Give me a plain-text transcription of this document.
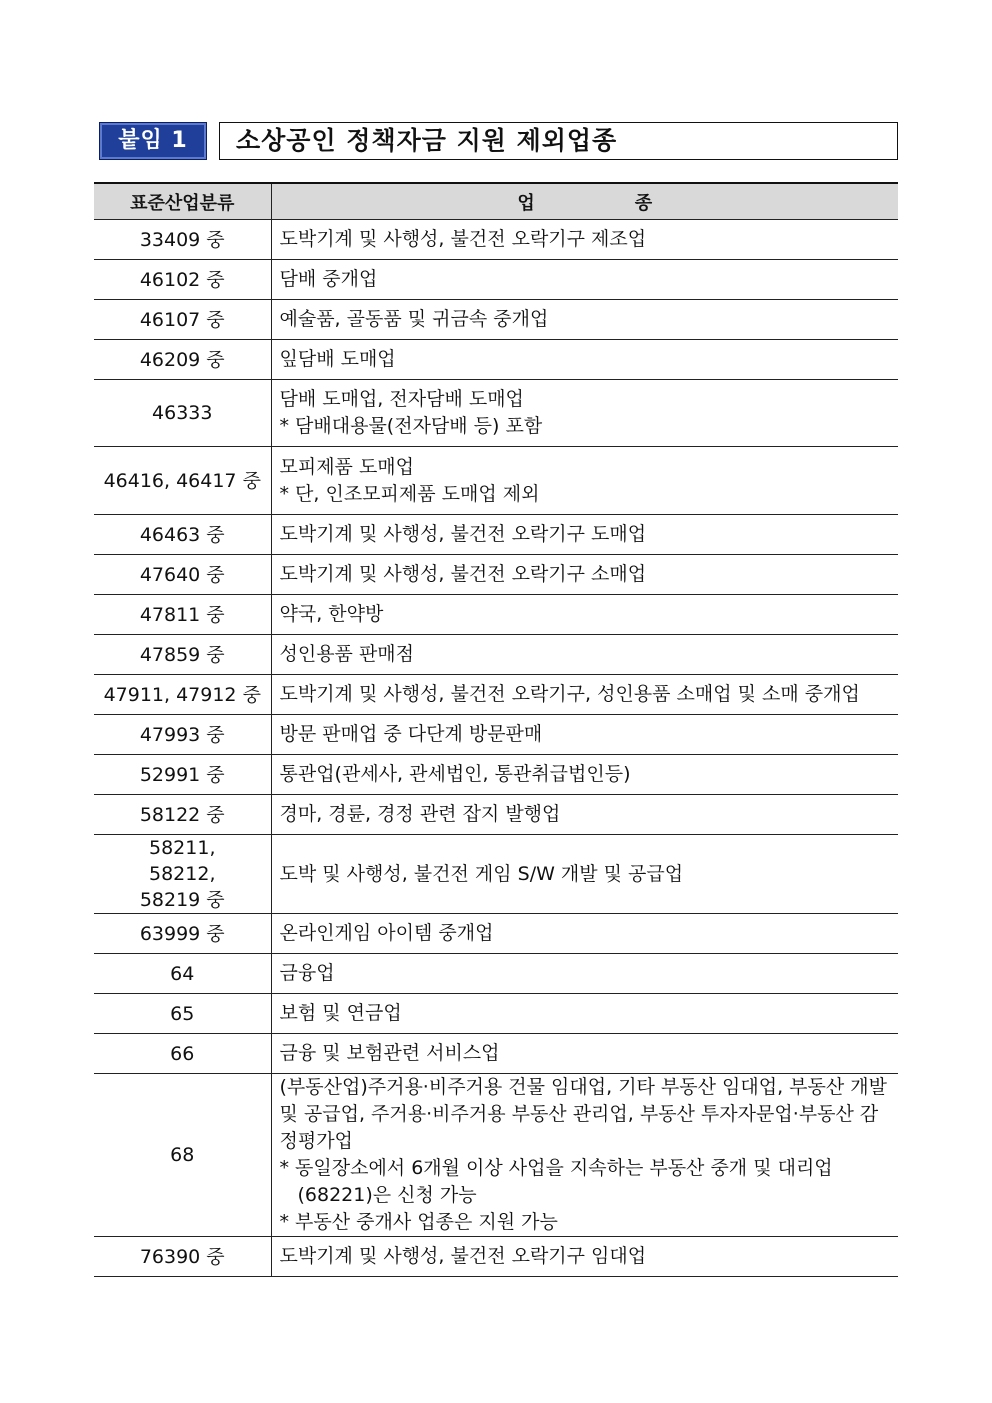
붙임 1	소상공인 정책자금 지원 제외업종
표준산업분류	업 종
33409 중	도박기계 및 사행성, 불건전 오락기구 제조업

46102 중	담배 중개업

46107 중	예술품, 골동품 및 귀금속 중개업

46209 중	잎담배 도매업

46333	담배 도매업, 전자담배 도매업
* 담배대용물(전자담배 등) 포함

46416, 46417 중	모피제품 도매업
* 단, 인조모피제품 도매업 제외

46463 중	도박기계 및 사행성, 불건전 오락기구 도매업

47640 중	도박기계 및 사행성, 불건전 오락기구 소매업

47811 중	약국, 한약방

47859 중	성인용품 판매점

47911, 47912 중	도박기계 및 사행성, 불건전 오락기구, 성인용품 소매업 및 소매 중개업

47993 중	방문 판매업 중 다단계 방문판매

52991 중	통관업(관세사, 관세법인, 통관취급법인등)

58122 중	경마, 경륜, 경정 관련 잡지 발행업

58211, 58212, 58219 중	도박 및 사행성, 불건전 게임 S/W 개발 및 공급업

63999 중	온라인게임 아이템 중개업

64	금융업

65	보험 및 연금업

66	금융 및 보험관련 서비스업

68	(부동산업)주거용·비주거용 건물 임대업, 기타 부동산 임대업, 부동산 개발 및 공급업, 주거용·비주거용 부동산 관리업, 부동산 투자자문업·부동산 감정평가업
* 동일장소에서 6개월 이상 사업을 지속하는 부동산 중개 및 대리업(68221)은 신청 가능
* 부동산 중개사 업종은 지원 가능

76390 중	도박기계 및 사행성, 불건전 오락기구 임대업
